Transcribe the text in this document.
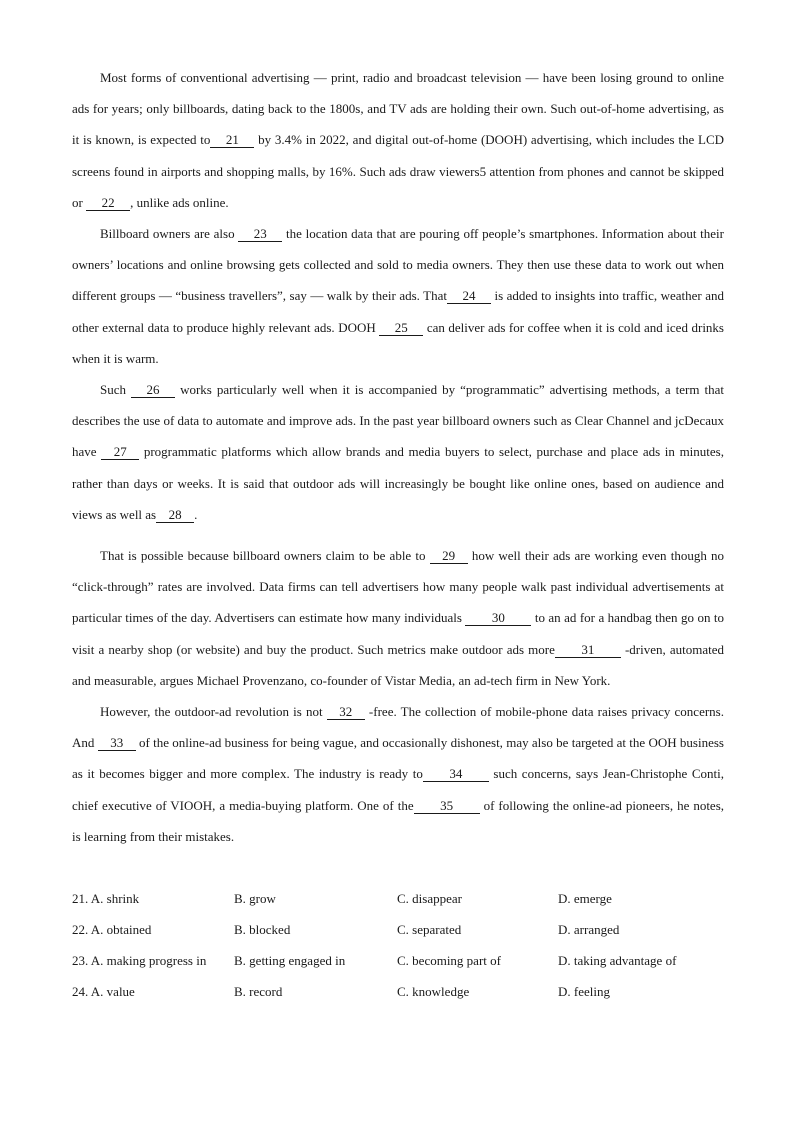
Most forms of conventional advertising — print, radio and broadcast television — have been losing ground to online ads for years; only billboards, dating back to the 1800s, and TV ads are holding their own. Such out-of-home advertising, as it is known, is expected to 21 by 3.4% in 2022, and digital out-of-home (DOOH) advertising, which includes the LCD screens found in airports and shopping malls, by 16%. Such ads draw viewers5 attention from phones and cannot be skipped or 22 , unlike ads online.

Billboard owners are also 23 the location data that are pouring off people’s smartphones. Information about their owners’ locations and online browsing gets collected and sold to media owners. They then use these data to work out when different groups — “business travellers”, say — walk by their ads. That 24 is added to insights into traffic, weather and other external data to produce highly relevant ads. DOOH 25 can deliver ads for coffee when it is cold and iced drinks when it is warm.

Such 26 works particularly well when it is accompanied by “programmatic” advertising methods, a term that describes the use of data to automate and improve ads. In the past year billboard owners such as Clear Channel and jcDecaux have 27 programmatic platforms which allow brands and media buyers to select, purchase and place ads in minutes, rather than days or weeks. It is said that outdoor ads will increasingly be bought like online ones, based on audience and views as well as 28 .

That is possible because billboard owners claim to be able to 29 how well their ads are working even though no “click-through” rates are involved. Data firms can tell advertisers how many people walk past individual advertisements at particular times of the day. Advertisers can estimate how many individuals 30 to an ad for a handbag then go on to visit a nearby shop (or website) and buy the product. Such metrics make outdoor ads more 31 -driven, automated and measurable, argues Michael Provenzano, co-founder of Vistar Media, an ad-tech firm in New York.

However, the outdoor-ad revolution is not 32 -free. The collection of mobile-phone data raises privacy concerns. And 33 of the online-ad business for being vague, and occasionally dishonest, may also be targeted at the OOH business as it becomes bigger and more complex. The industry is ready to 34 such concerns, says Jean-Christophe Conti, chief executive of VIOOH, a media-buying platform. One of the 35 of following the online-ad pioneers, he notes, is learning from their mistakes.

21. A. shrink	B. grow	C. disappear	D. emerge
22. A. obtained	B. blocked	C. separated	D. arranged
23. A. making progress in B. getting engaged in	C. becoming part of	D. taking advantage of
24. A. value	B. record	C. knowledge	D. feeling
